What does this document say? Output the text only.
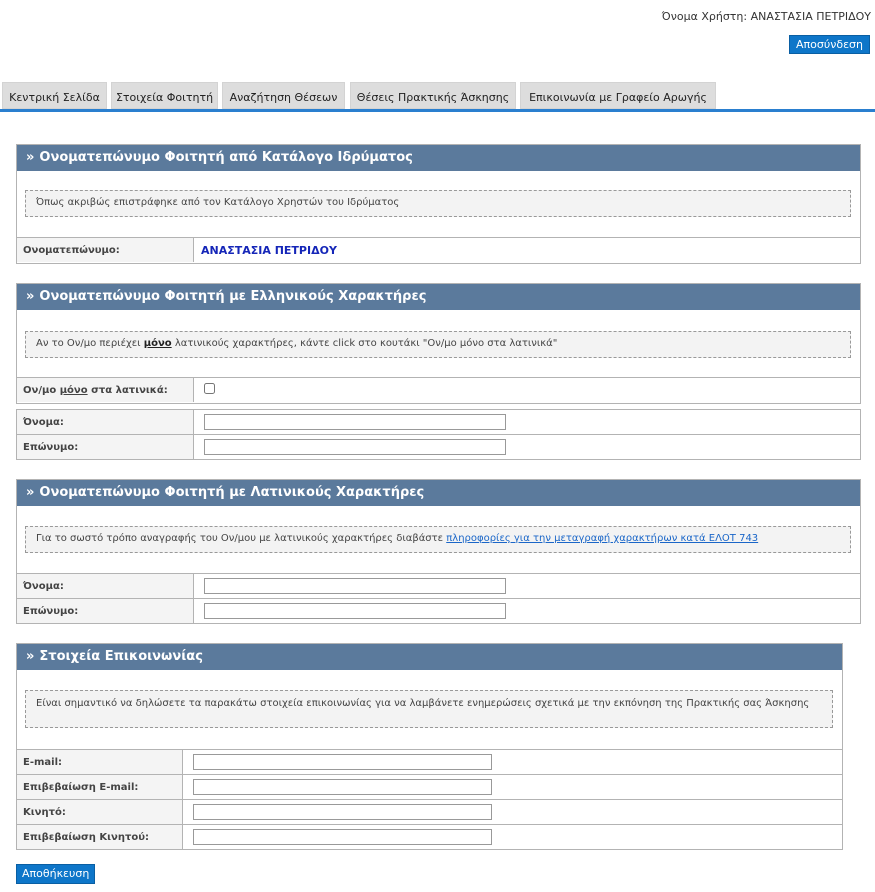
Όνομα Χρήστη: ΑΝΑΣΤΑΣΙΑ ΠΕΤΡΙΔΟΥ
Αποσύνδεση
Κεντρική Σελίδα	Στοιχεία Φοιτητή	Αναζήτηση Θέσεων	Θέσεις Πρακτικής Άσκησης	Επικοινωνία με Γραφείο Αρωγής
» Ονοματεπώνυμο Φοιτητή από Κατάλογο Ιδρύματος
Όπως ακριβώς επιστράφηκε από τον Κατάλογο Χρηστών του Ιδρύματος
Ονοματεπώνυμο:	ΑΝΑΣΤΑΣΙΑ ΠΕΤΡΙΔΟΥ
» Ονοματεπώνυμο Φοιτητή με Ελληνικούς Χαρακτήρες
Αν το Ον/μο περιέχει μόνο λατινικούς χαρακτήρες, κάντε click στο κουτάκι "Ον/μο μόνο στα λατινικά"
Ον/μο μόνο στα λατινικά:	
Όνομα:	
Επώνυμο:	
» Ονοματεπώνυμο Φοιτητή με Λατινικούς Χαρακτήρες
Για το σωστό τρόπο αναγραφής του Ον/μου με λατινικούς χαρακτήρες διαβάστε πληροφορίες για την μεταγραφή χαρακτήρων κατά ΕΛΟΤ 743
Όνομα:	
Επώνυμο:	
» Στοιχεία Επικοινωνίας
Είναι σημαντικό να δηλώσετε τα παρακάτω στοιχεία επικοινωνίας για να λαμβάνετε ενημερώσεις σχετικά με την εκπόνηση της Πρακτικής σας Άσκησης
E-mail:	
Επιβεβαίωση E-mail:	
Κινητό:	
Επιβεβαίωση Κινητού:	
Αποθήκευση
